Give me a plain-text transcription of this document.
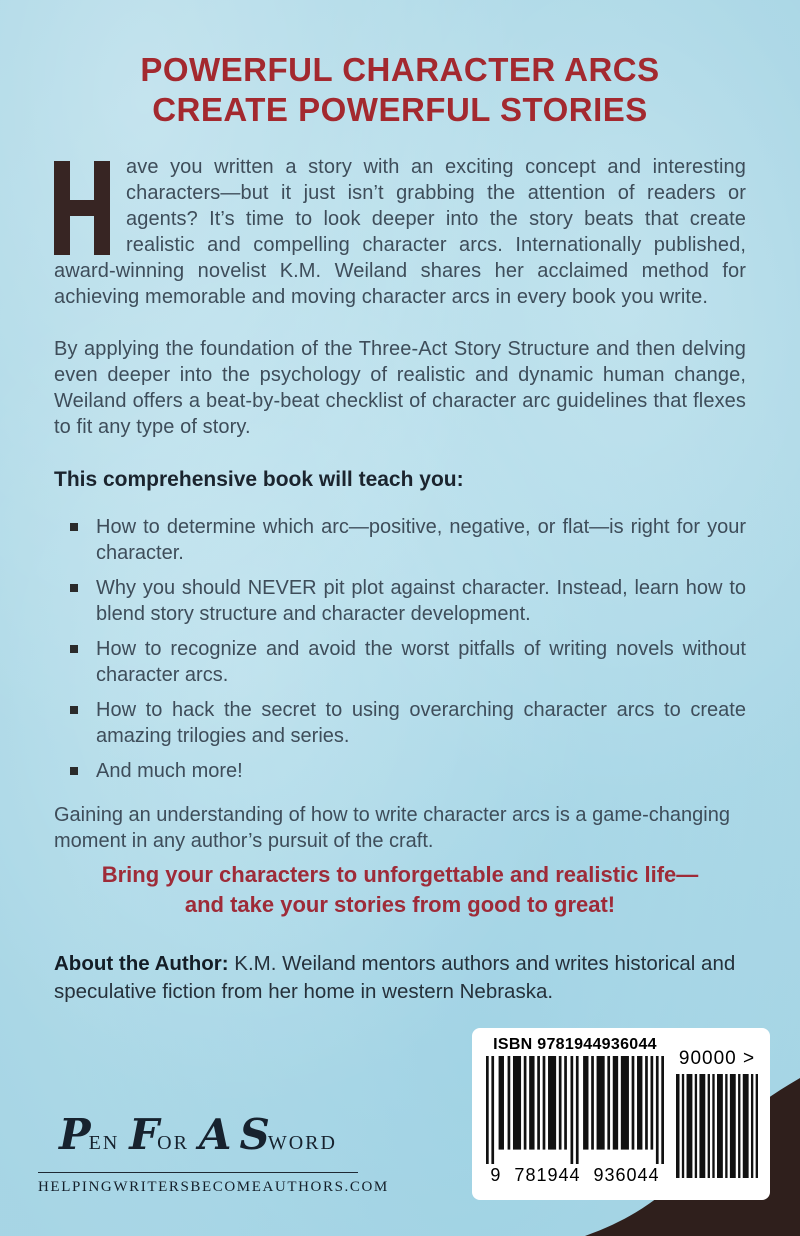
POWERFUL CHARACTER ARCS
CREATE POWERFUL STORIES

ave you written a story with an exciting concept and interesting characters—but it just isn’t grabbing the attention of readers or agents? It’s time to look deeper into the story beats that create realistic and compelling character arcs. Internationally published, award-winning novelist K.M. Weiland shares her acclaimed method for achieving memorable and moving character arcs in every book you write.

By applying the foundation of the Three-Act Story Structure and then delving even deeper into the psychology of realistic and dynamic human change, Weiland offers a beat-by-beat checklist of character arc guidelines that flexes to fit any type of story.

This comprehensive book will teach you:
How to determine which arc—positive, negative, or flat—is right for your character.
Why you should NEVER pit plot against character. Instead, learn how to blend story structure and character development.
How to recognize and avoid the worst pitfalls of writing novels without character arcs.
How to hack the secret to using overarching character arcs to create amazing trilogies and series.
And much more!

Gaining an understanding of how to write character arcs is a game-changing moment in any author’s pursuit of the craft.

Bring your characters to unforgettable and realistic life—
and take your stories from good to great!

About the Author: K.M. Weiland mentors authors and writes historical and speculative fiction from her home in western Nebraska.

PEN FOR A SWORD
HELPINGWRITERSBECOMEAUTHORS.COM
ISBN 9781944936044
9 781944 936044
90000 >
